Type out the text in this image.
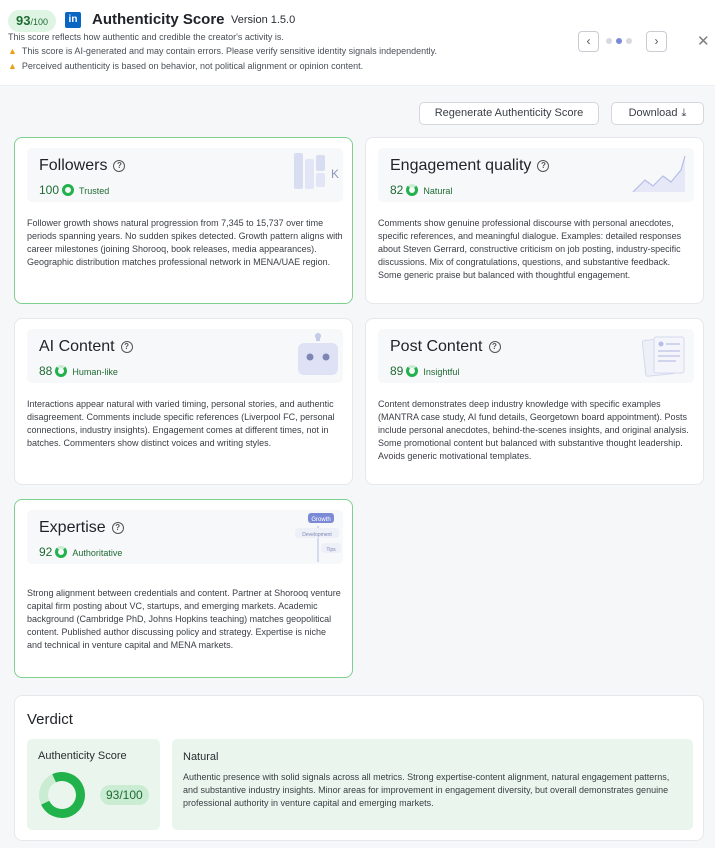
93/100	in Authenticity Score Version 1.5.0
This score reflects how authentic and credible the creator's activity is.
▲ This score is AI-generated and may contain errors. Please verify sensitive identity signals independently.
▲ Perceived authenticity is based on behavior, not political alignment or opinion content.
‹	›	✕
Regenerate Authenticity Score	Download ⤓
Followers ?
100 Trusted
K
Follower growth shows natural progression from 7,345 to 15,737 over time periods spanning years. No sudden spikes detected. Growth pattern aligns with career milestones (joining Shorooq, book releases, media appearances). Geographic distribution matches professional network in MENA/UAE region.
Engagement quality ?
82 Natural
Comments show genuine professional discourse with personal anecdotes, specific references, and meaningful dialogue. Examples: detailed responses about Steven Gerrard, constructive criticism on job posting, industry-specific discussions. Mix of congratulations, questions, and substantive feedback. Some generic praise but balanced with thoughtful engagement.
AI Content ?
88 Human-like
Interactions appear natural with varied timing, personal stories, and authentic disagreement. Comments include specific references (Liverpool FC, personal connections, industry insights). Engagement comes at different times, not in batches. Commenters show distinct voices and writing styles.
Post Content ?
89 Insightful
Content demonstrates deep industry knowledge with specific examples (MANTRA case study, AI fund details, Georgetown board appointment). Posts include personal anecdotes, behind-the-scenes insights, and original analysis. Some promotional content but balanced with substantive thought leadership. Avoids generic motivational templates.
Expertise ?
92 Authoritative
Growth
Development
Tips
Strong alignment between credentials and content. Partner at Shorooq venture capital firm posting about VC, startups, and emerging markets. Academic background (Cambridge PhD, Johns Hopkins teaching) matches geopolitical content. Published author discussing policy and strategy. Expertise is niche and technical in venture capital and MENA markets.
Verdict
Authenticity Score
93/100
Natural
Authentic presence with solid signals across all metrics. Strong expertise-content alignment, natural engagement patterns, and substantive industry insights. Minor areas for improvement in engagement diversity, but overall demonstrates genuine professional authority in venture capital and emerging markets.
